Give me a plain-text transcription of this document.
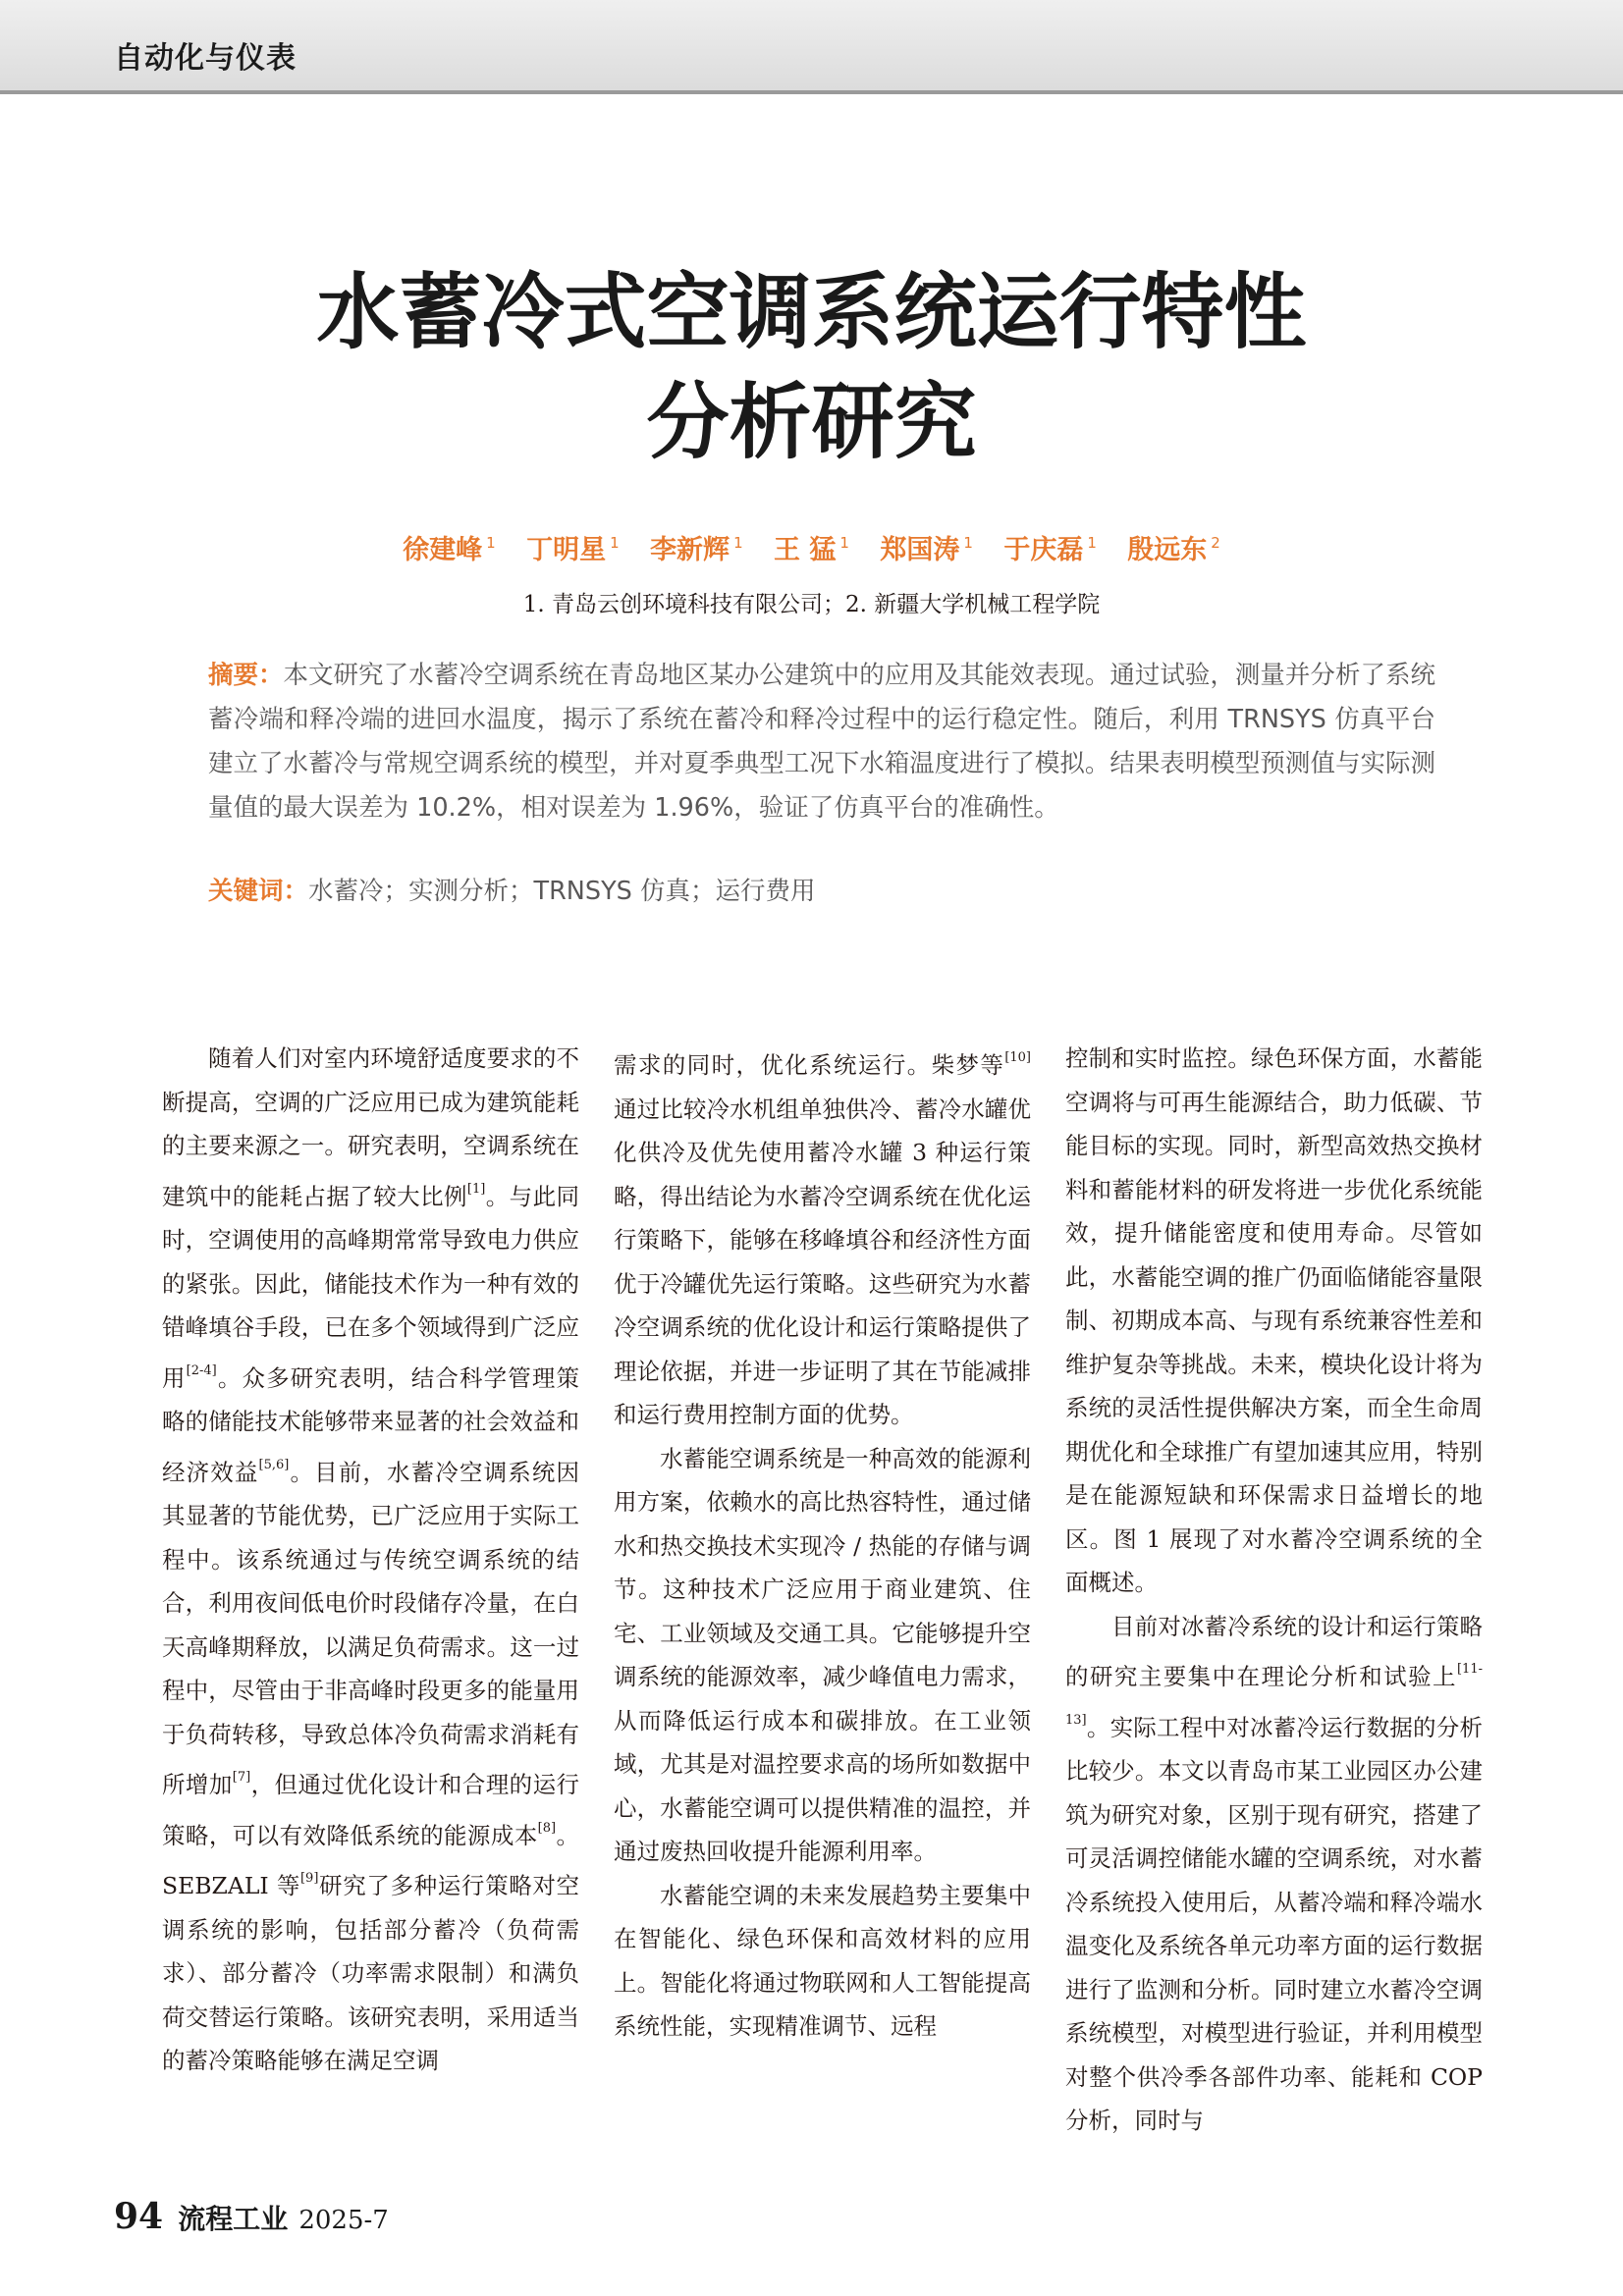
自动化与仪表
水蓄冷式空调系统运行特性
分析研究
徐建峰 $^1$ 丁明星 $^1$ 李新辉 $^1$ 王 猛 $^1$ 郑国涛 $^1$ 于庆磊 $^1$ 殷远东 $^2$
1. 青岛云创环境科技有限公司；2. 新疆大学机械工程学院

摘要：本文研究了水蓄冷空调系统在青岛地区某办公建筑中的应用及其能效表现。通过试验，测量并分析了系统蓄冷端和释冷端的进回水温度，揭示了系统在蓄冷和释冷过程中的运行稳定性。随后，利用 TRNSYS 仿真平台建立了水蓄冷与常规空调系统的模型，并对夏季典型工况下水箱温度进行了模拟。结果表明模型预测值与实际测量值的最大误差为 10.2%，相对误差为 1.96%，验证了仿真平台的准确性。

关键词：水蓄冷；实测分析；TRNSYS 仿真；运行费用

随着人们对室内环境舒适度要求的不断提高，空调的广泛应用已成为建筑能耗的主要来源之一。研究表明，空调系统在建筑中的能耗占据了较大比例[1]。与此同时，空调使用的高峰期常常导致电力供应的紧张。因此，储能技术作为一种有效的错峰填谷手段，已在多个领域得到广泛应用[2-4]。众多研究表明，结合科学管理策略的储能技术能够带来显著的社会效益和经济效益[5,6]。目前，水蓄冷空调系统因其显著的节能优势，已广泛应用于实际工程中。该系统通过与传统空调系统的结合，利用夜间低电价时段储存冷量，在白天高峰期释放，以满足负荷需求。这一过程中，尽管由于非高峰时段更多的能量用于负荷转移，导致总体冷负荷需求消耗有所增加[7]，但通过优化设计和合理的运行策略，可以有效降低系统的能源成本[8]。SEBZALI 等[9]研究了多种运行策略对空调系统的影响，包括部分蓄冷（负荷需求）、部分蓄冷（功率需求限制）和满负荷交替运行策略。该研究表明，采用适当的蓄冷策略能够在满足空调

需求的同时，优化系统运行。柴梦等[10]通过比较冷水机组单独供冷、蓄冷水罐优化供冷及优先使用蓄冷水罐 3 种运行策略，得出结论为水蓄冷空调系统在优化运行策略下，能够在移峰填谷和经济性方面优于冷罐优先运行策略。这些研究为水蓄冷空调系统的优化设计和运行策略提供了理论依据，并进一步证明了其在节能减排和运行费用控制方面的优势。

水蓄能空调系统是一种高效的能源利用方案，依赖水的高比热容特性，通过储水和热交换技术实现冷 / 热能的存储与调节。这种技术广泛应用于商业建筑、住宅、工业领域及交通工具。它能够提升空调系统的能源效率，减少峰值电力需求，从而降低运行成本和碳排放。在工业领域，尤其是对温控要求高的场所如数据中心，水蓄能空调可以提供精准的温控，并通过废热回收提升能源利用率。

水蓄能空调的未来发展趋势主要集中在智能化、绿色环保和高效材料的应用上。智能化将通过物联网和人工智能提高系统性能，实现精准调节、远程

控制和实时监控。绿色环保方面，水蓄能空调将与可再生能源结合，助力低碳、节能目标的实现。同时，新型高效热交换材料和蓄能材料的研发将进一步优化系统能效，提升储能密度和使用寿命。尽管如此，水蓄能空调的推广仍面临储能容量限制、初期成本高、与现有系统兼容性差和维护复杂等挑战。未来，模块化设计将为系统的灵活性提供解决方案，而全生命周期优化和全球推广有望加速其应用，特别是在能源短缺和环保需求日益增长的地区。图 1 展现了对水蓄冷空调系统的全面概述。

目前对冰蓄冷系统的设计和运行策略的研究主要集中在理论分析和试验上[11-13]。实际工程中对冰蓄冷运行数据的分析比较少。本文以青岛市某工业园区办公建筑为研究对象，区别于现有研究，搭建了可灵活调控储能水罐的空调系统，对水蓄冷系统投入使用后，从蓄冷端和释冷端水温变化及系统各单元功率方面的运行数据进行了监测和分析。同时建立水蓄冷空调系统模型，对模型进行验证，并利用模型对整个供冷季各部件功率、能耗和 COP 分析，同时与

94 流程工业 2025-7
